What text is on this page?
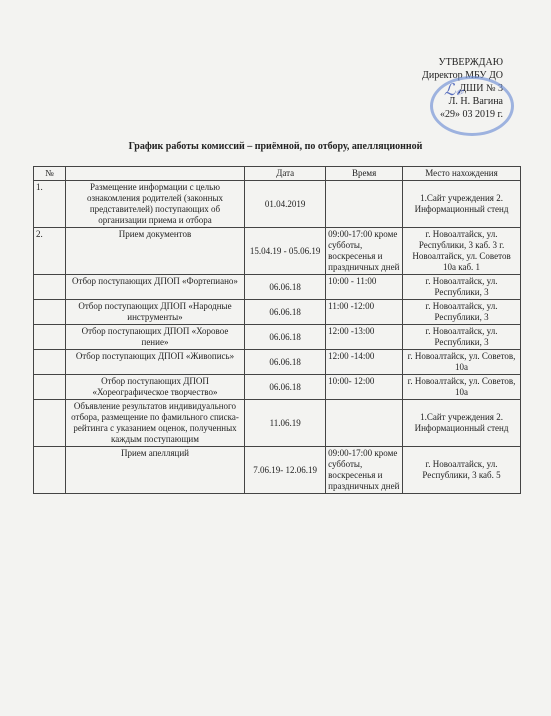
ℒ𝓋
УТВЕРЖДАЮ
Директор МБУ ДО
ДШИ № 3
Л. Н. Вагина
«29» 03 2019 г.
График работы комиссий – приёмной, по отбору, апелляционной
№		Дата	Время	Место нахождения
1.	Размещение информации с целью ознакомления родителей (законных представителей) поступающих об организации приема и отбора	01.04.2019		1.Сайт учреждения 2. Информационный стенд
2.	Прием документов	15.04.19 - 05.06.19	09:00-17:00 кроме субботы, воскресенья и праздничных дней	г. Новоалтайск, ул. Республики, 3 каб. 3 г. Новоалтайск, ул. Советов 10а каб. 1
	Отбор поступающих ДПОП «Фортепиано»	06.06.18	10:00 - 11:00	г. Новоалтайск, ул. Республики, 3
	Отбор поступающих ДПОП «Народные инструменты»	06.06.18	11:00 -12:00	г. Новоалтайск, ул. Республики, 3
	Отбор поступающих ДПОП «Хоровое пение»	06.06.18	12:00 -13:00	г. Новоалтайск, ул. Республики, 3
	Отбор поступающих ДПОП «Живопись»	06.06.18	12:00 -14:00	г. Новоалтайск, ул. Советов, 10а
	Отбор поступающих ДПОП «Хореографическое творчество»	06.06.18	10:00- 12:00	г. Новоалтайск, ул. Советов, 10а
	Объявление результатов индивидуального отбора, размещение по фамильного списка-рейтинга с указанием оценок, полученных каждым поступающим	11.06.19		1.Сайт учреждения 2. Информационный стенд
	Прием апелляций	7.06.19- 12.06.19	09:00-17:00 кроме субботы, воскресенья и праздничных дней	г. Новоалтайск, ул. Республики, 3 каб. 5
